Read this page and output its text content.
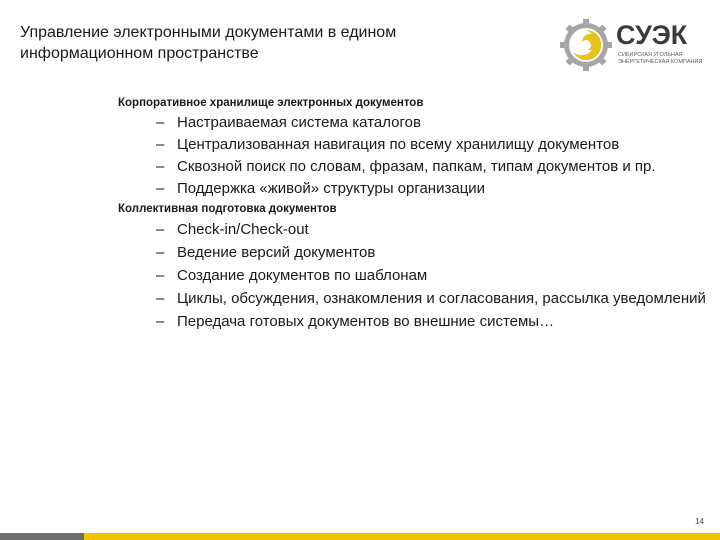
Управление электронными документами в едином информационном пространстве
СУЭК
СИБИРСКАЯ УГОЛЬНАЯ
ЭНЕРГЕТИЧЕСКАЯ КОМПАНИЯ
Корпоративное хранилище электронных документов
– Настраиваемая система каталогов
– Централизованная навигация по всему хранилищу документов
– Сквозной поиск по словам, фразам, папкам, типам документов и пр.
– Поддержка «живой» структуры организации
Коллективная подготовка документов
– Check-in/Check-out
– Ведение версий документов
– Создание документов по шаблонам
– Циклы, обсуждения, ознакомления и согласования, рассылка уведомлений
– Передача готовых документов во внешние системы…
14
